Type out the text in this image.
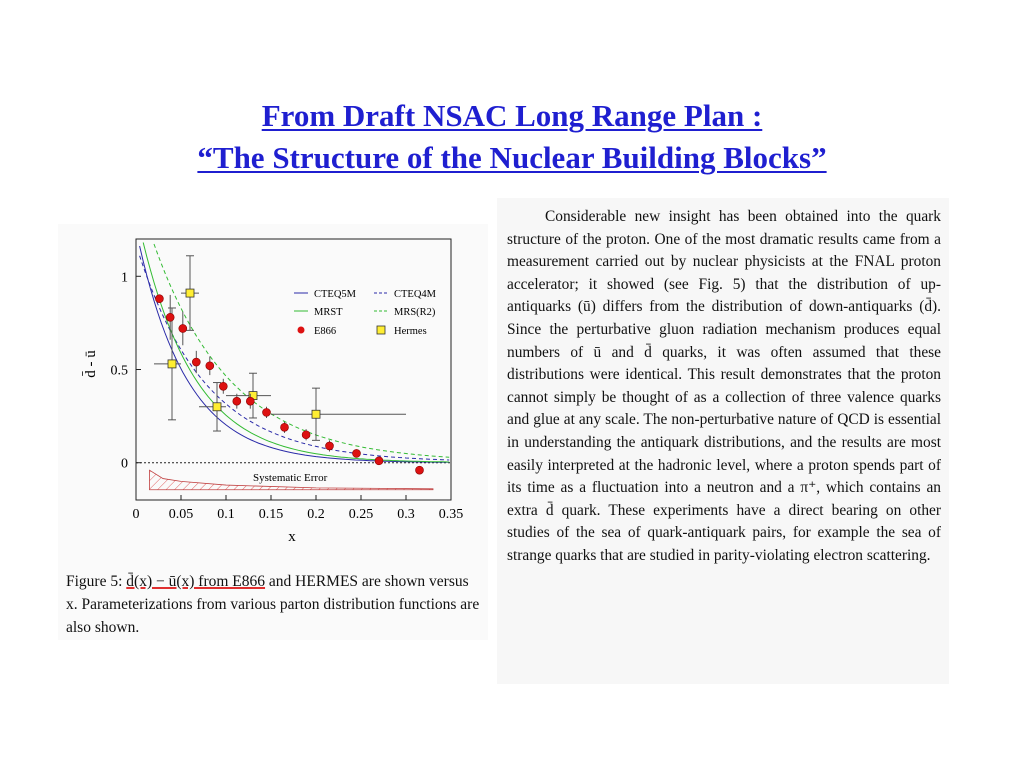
From Draft NSAC Long Range Plan :
“The Structure of the Nuclear Building Blocks”
0 0.05 0.1 0.15 0.2 0.25 0.3 0.35
0
0.5
1
CTEQ5M	CTEQ4M
MRST	MRS(R2)
E866	Hermes
x
d̄ - ū
Systematic Error
Figure 5: d̄(x) − ū(x) from E866 and HERMES are shown versus x. Parameterizations from various parton distribution functions are also shown.

Considerable new insight has been obtained into the quark structure of the proton. One of the most dramatic results came from a measurement carried out by nuclear physicists at the FNAL proton accelerator; it showed (see Fig. 5) that the distribution of up-antiquarks (ū) differs from the distribution of down-antiquarks (d̄). Since the perturbative gluon radiation mechanism produces equal numbers of ū and d̄ quarks, it was often assumed that these distributions were identical. This result demonstrates that the proton cannot simply be thought of as a collection of three valence quarks and glue at any scale. The non-perturbative nature of QCD is essential in understanding the antiquark distributions, and the results are most easily interpreted at the hadronic level, where a proton spends part of its time as a fluctuation into a neutron and a π⁺, which contains an extra d̄ quark. These experiments have a direct bearing on other studies of the sea of quark-antiquark pairs, for example the sea of strange quarks that are studied in parity-violating electron scattering.
